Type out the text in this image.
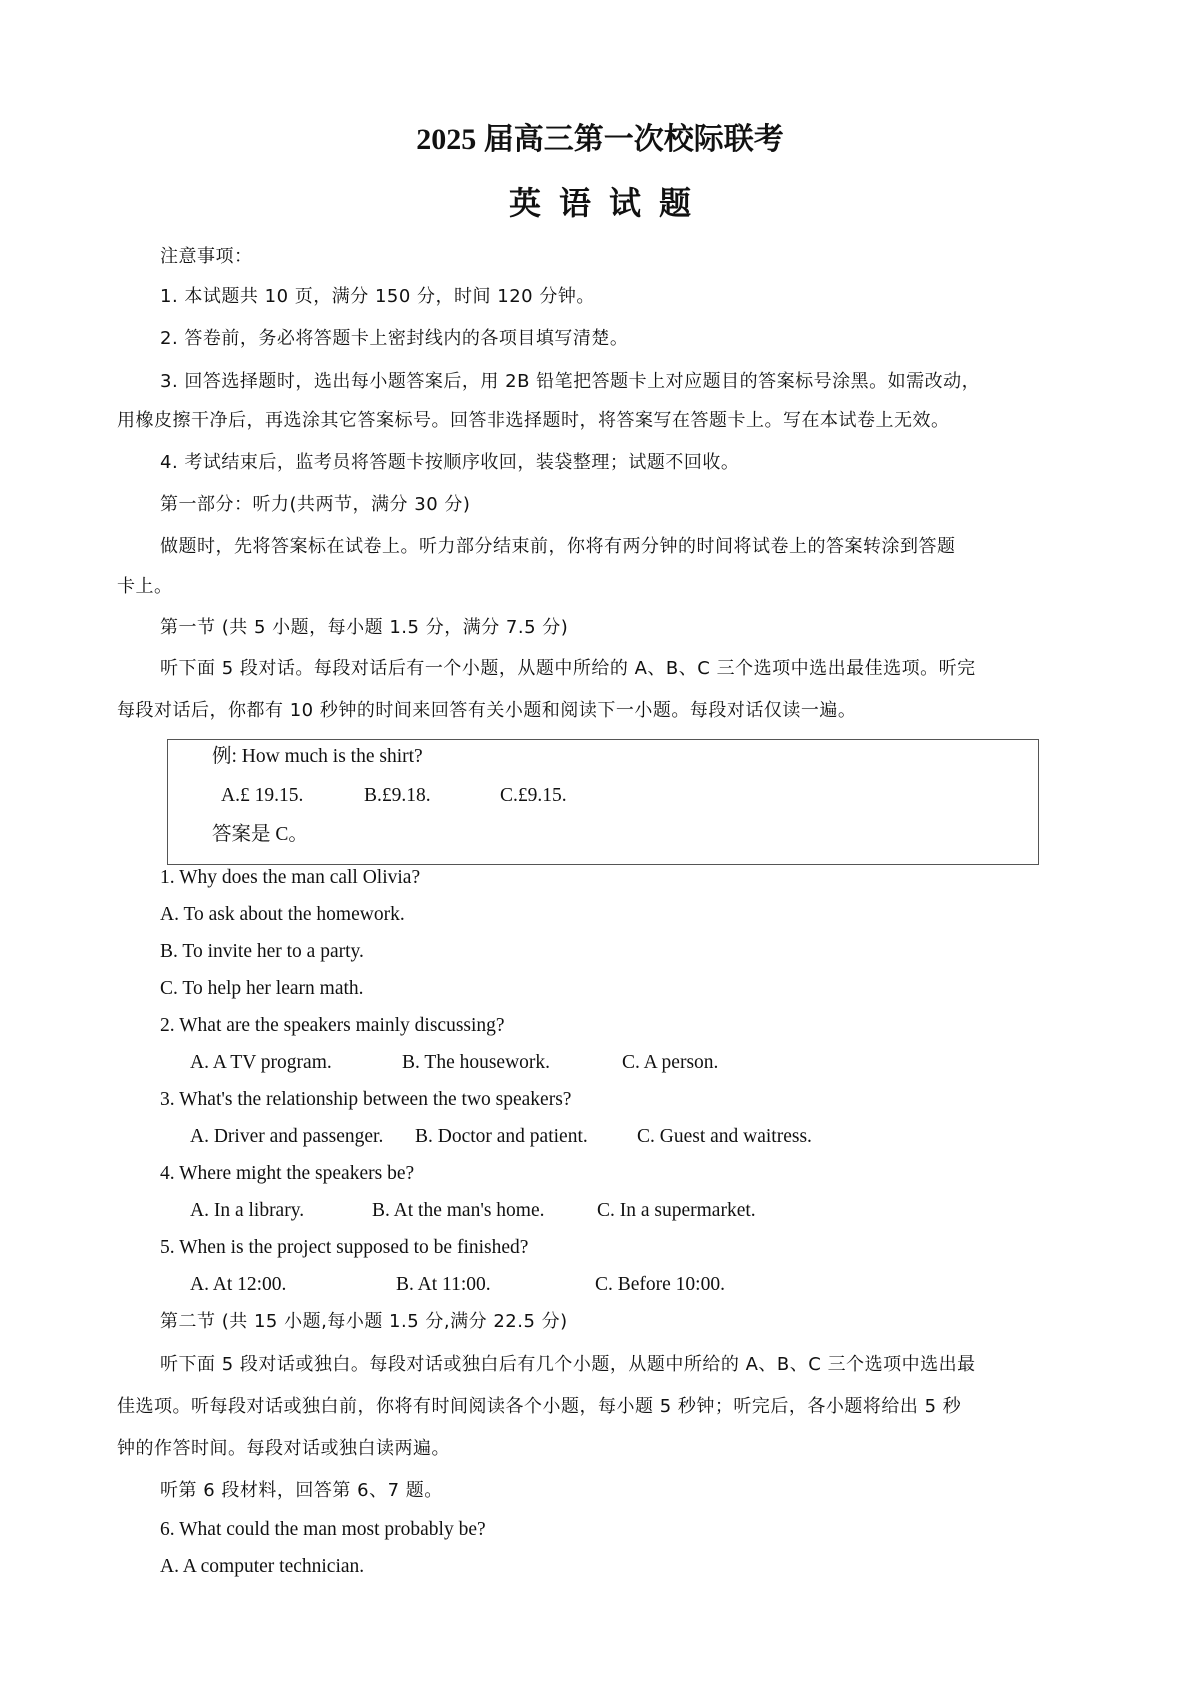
2025 届高三第一次校际联考
英语试题

注意事项：

1. 本试题共 10 页，满分 150 分，时间 120 分钟。

2. 答卷前，务必将答题卡上密封线内的各项目填写清楚。

3. 回答选择题时，选出每小题答案后，用 2B 铅笔把答题卡上对应题目的答案标号涂黑。如需改动，

用橡皮擦干净后，再选涂其它答案标号。回答非选择题时，将答案写在答题卡上。写在本试卷上无效。

4. 考试结束后，监考员将答题卡按顺序收回，装袋整理；试题不回收。

第一部分：听力(共两节，满分 30 分)

做题时，先将答案标在试卷上。听力部分结束前，你将有两分钟的时间将试卷上的答案转涂到答题

卡上。

第一节 (共 5 小题，每小题 1.5 分，满分 7.5 分)

听下面 5 段对话。每段对话后有一个小题，从题中所给的 A、B、C 三个选项中选出最佳选项。听完

每段对话后，你都有 10 秒钟的时间来回答有关小题和阅读下一小题。每段对话仅读一遍。

例: How much is the shirt?

A.£ 19.15.	B.£9.18.	C.£9.15.

答案是 C。

1. Why does the man call Olivia?

A. To ask about the homework.

B. To invite her to a party.

C. To help her learn math.

2. What are the speakers mainly discussing?

A. A TV program.	B. The housework.	C. A person.

3. What's the relationship between the two speakers?

A. Driver and passenger. B. Doctor and patient.	C. Guest and waitress.

4. Where might the speakers be?

A. In a library.	B. At the man's home.	C. In a supermarket.

5. When is the project supposed to be finished?

A. At 12:00.	B. At 11:00.	C. Before 10:00.

第二节 (共 15 小题,每小题 1.5 分,满分 22.5 分)

听下面 5 段对话或独白。每段对话或独白后有几个小题，从题中所给的 A、B、C 三个选项中选出最

佳选项。听每段对话或独白前，你将有时间阅读各个小题，每小题 5 秒钟；听完后，各小题将给出 5 秒

钟的作答时间。每段对话或独白读两遍。

听第 6 段材料，回答第 6、7 题。

6. What could the man most probably be?

A. A computer technician.
